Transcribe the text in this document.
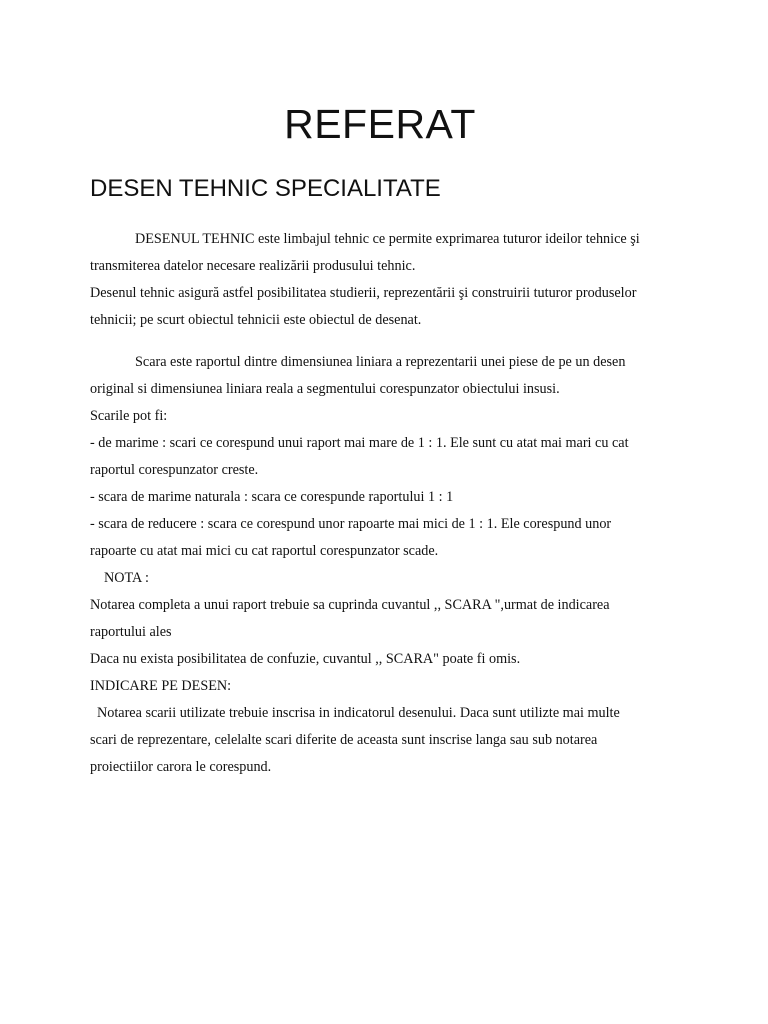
REFERAT
DESEN TEHNIC SPECIALITATE

DESENUL TEHNIC este limbajul tehnic ce permite exprimarea tuturor ideilor tehnice şi

transmiterea datelor necesare realizării produsului tehnic.

Desenul tehnic asigură astfel posibilitatea studierii, reprezentării şi construirii tuturor produselor

tehnicii; pe scurt obiectul tehnicii este obiectul de desenat.

Scara este raportul dintre dimensiunea liniara a reprezentarii unei piese de pe un desen

original si dimensiunea liniara reala a segmentului corespunzator obiectului insusi.

Scarile pot fi:

- de marime : scari ce corespund unui raport mai mare de 1 : 1. Ele sunt cu atat mai mari cu cat

raportul corespunzator creste.

- scara de marime naturala : scara ce corespunde raportului 1 : 1

- scara de reducere : scara ce corespund unor rapoarte mai mici de 1 : 1. Ele corespund unor

rapoarte cu atat mai mici cu cat raportul corespunzator scade.

NOTA :

Notarea completa a unui raport trebuie sa cuprinda cuvantul ,, SCARA ",urmat de indicarea

raportului ales

Daca nu exista posibilitatea de confuzie, cuvantul ,, SCARA" poate fi omis.

INDICARE PE DESEN:

Notarea scarii utilizate trebuie inscrisa in indicatorul desenului. Daca sunt utilizte mai multe

scari de reprezentare, celelalte scari diferite de aceasta sunt inscrise langa sau sub notarea

proiectiilor carora le corespund.
